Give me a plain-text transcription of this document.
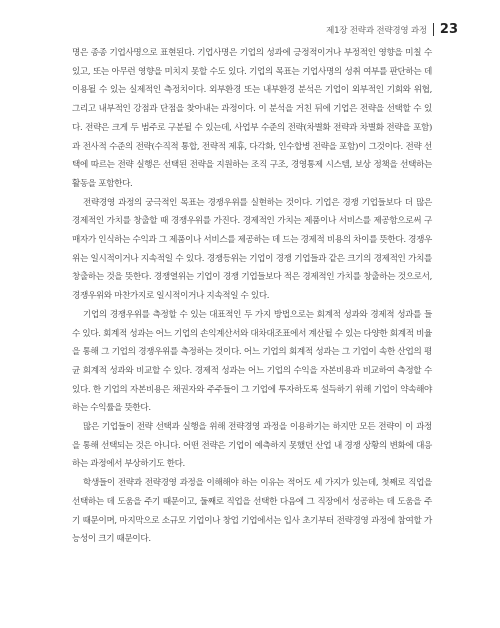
제1장 전략과 전략경영 과정 23

명은 종종 기업사명으로 표현된다. 기업사명은 기업의 성과에 긍정적이거나 부정적인 영향을 미칠 수 있고, 또는 아무런 영향을 미치지 못할 수도 있다. 기업의 목표는 기업사명의 성취 여부를 판단하는 데 이용될 수 있는 실제적인 측정치이다. 외부환경 또는 내부환경 분석은 기업이 외부적인 기회와 위협, 그리고 내부적인 강점과 단점을 찾아내는 과정이다. 이 분석을 거친 뒤에 기업은 전략을 선택할 수 있다. 전략은 크게 두 범주로 구분될 수 있는데, 사업부 수준의 전략(차별화 전략과 차별화 전략을 포함)과 전사적 수준의 전략(수직적 통합, 전략적 제휴, 다각화, 인수합병 전략을 포함)이 그것이다. 전략 선택에 따르는 전략 실행은 선택된 전략을 지원하는 조직 구조, 경영통제 시스템, 보상 정책을 선택하는 활동을 포함한다.

전략경영 과정의 궁극적인 목표는 경쟁우위를 실현하는 것이다. 기업은 경쟁 기업들보다 더 많은 경제적인 가치를 창출할 때 경쟁우위를 가진다. 경제적인 가치는 제품이나 서비스를 제공함으로써 구매자가 인식하는 수익과 그 제품이나 서비스를 제공하는 데 드는 경제적 비용의 차이를 뜻한다. 경쟁우위는 일시적이거나 지속적일 수 있다. 경쟁등위는 기업이 경쟁 기업들과 같은 크기의 경제적인 가치를 창출하는 것을 뜻한다. 경쟁열위는 기업이 경쟁 기업들보다 적은 경제적인 가치를 창출하는 것으로서, 경쟁우위와 마찬가지로 일시적이거나 지속적일 수 있다.

기업의 경쟁우위를 측정할 수 있는 대표적인 두 가지 방법으로는 회계적 성과와 경제적 성과를 들 수 있다. 회계적 성과는 어느 기업의 손익계산서와 대차대조표에서 계산될 수 있는 다양한 회계적 비율을 통해 그 기업의 경쟁우위를 측정하는 것이다. 어느 기업의 회계적 성과는 그 기업이 속한 산업의 평균 회계적 성과와 비교할 수 있다. 경제적 성과는 어느 기업의 수익을 자본비용과 비교하여 측정할 수 있다. 한 기업의 자본비용은 채권자와 주주들이 그 기업에 투자하도록 설득하기 위해 기업이 약속해야 하는 수익률을 뜻한다.

많은 기업들이 전략 선택과 실행을 위해 전략경영 과정을 이용하기는 하지만 모든 전략이 이 과정을 통해 선택되는 것은 아니다. 어떤 전략은 기업이 예측하지 못했던 산업 내 경쟁 상황의 변화에 대응하는 과정에서 부상하기도 한다.

학생들이 전략과 전략경영 과정을 이해해야 하는 이유는 적어도 세 가지가 있는데, 첫째로 직업을 선택하는 데 도움을 주기 때문이고, 둘째로 직업을 선택한 다음에 그 직장에서 성공하는 데 도움을 주기 때문이며, 마지막으로 소규모 기업이나 창업 기업에서는 입사 초기부터 전략경영 과정에 참여할 가능성이 크기 때문이다.
